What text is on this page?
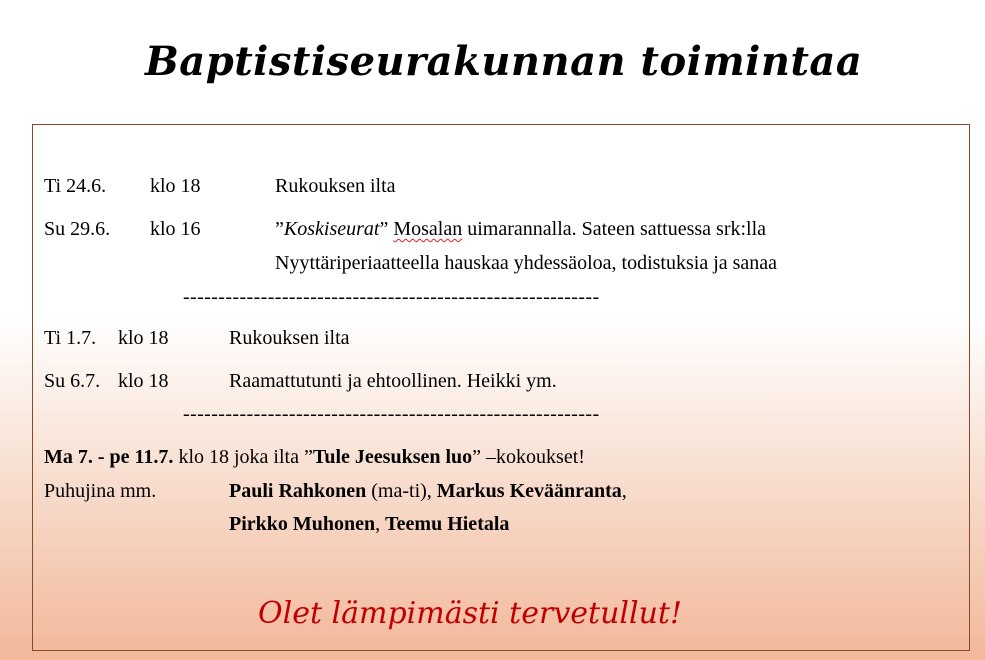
Baptistiseurakunnan toimintaa
Ti 24.6. klo 18	Rukouksen ilta
Su 29.6. klo 16	”Koskiseurat” Mosalan uimarannalla. Sateen sattuessa srk:lla
Nyyttäriperiaatteella hauskaa yhdessäoloa, todistuksia ja sanaa
-----------------------------------------------------------
Ti 1.7. klo 18	Rukouksen ilta
Su 6.7. klo 18	Raamattutunti ja ehtoollinen. Heikki ym.
-----------------------------------------------------------
Ma 7. - pe 11.7. klo 18 joka ilta ”Tule Jeesuksen luo” –kokoukset!
Puhujina mm.	Pauli Rahkonen (ma-ti), Markus Keväänranta,
Pirkko Muhonen, Teemu Hietala
Olet lämpimästi tervetullut!
